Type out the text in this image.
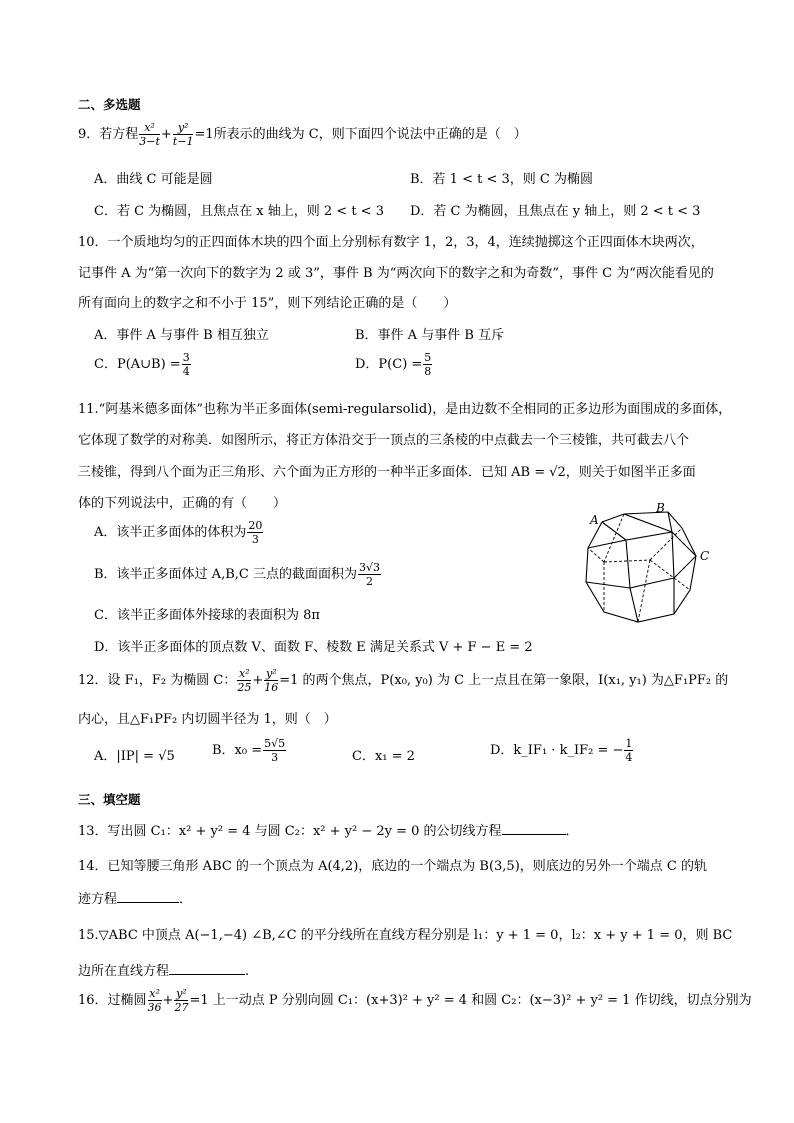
二、多选题
9．若方程 $\frac{\text{x²}}{3-t} + \frac{\text{y²}}{t-1} =1$所表示的曲线为 C，则下面四个说法中正确的是（　）
A．曲线 C 可能是圆	B．若 1 < t < 3，则 C 为椭圆
C．若 C 为椭圆，且焦点在 x 轴上，则 2 < t < 3 D．若 C 为椭圆，且焦点在 y 轴上，则 2 < t < 3
10．一个质地均匀的正四面体木块的四个面上分别标有数字 1，2，3，4，连续抛掷这个正四面体木块两次，
记事件 A 为“第一次向下的数字为 2 或 3”，事件 B 为“两次向下的数字之和为奇数”，事件 C 为“两次能看见的
所有面向上的数字之和不小于 15”，则下列结论正确的是（　　）
A．事件 A 与事件 B 相互独立	B．事件 A 与事件 B 互斥
C．P(A∪B) = $\frac{3}{4}$	D．$P(C) = \frac{5}{8}$
11.“阿基米德多面体”也称为半正多面体(semi-regularsolid)，是由边数不全相同的正多边形为面围成的多面体，
它体现了数学的对称美．如图所示，将正方体沿交于一顶点的三条棱的中点截去一个三棱锥，共可截去八个
三棱锥，得到八个面为正三角形、六个面为正方形的一种半正多面体．已知 AB = √2，则关于如图半正多面
体的下列说法中，正确的有（　　）
A．该半正多面体的体积为 $\frac{20}{3}$
B．该半正多面体过 A,B,C 三点的截面面积为 $\frac{3√3}{2}$
C．该半正多面体外接球的表面积为 8π
D．该半正多面体的顶点数 V、面数 F、棱数 E 满足关系式 V + F − E = 2
A
B
C
12．设 F₁，F₂ 为椭圆 C： $\frac{\text{x²}}{25} + \frac{\text{y²}}{16} =1$ 的两个焦点，P(x₀, y₀) 为 C 上一点且在第一象限，I(x₁, y₁) 为△F₁PF₂ 的
内心，且△F₁PF₂ 内切圆半径为 1，则（　）
A．|IP| = √5	B．$x_0 = \frac{5√5}{3}$	C．x₁ = 2	D．k_IF₁ · k_IF₂ = − $\frac{1}{4}$
三、填空题
13．写出圆 C₁：x² + y² = 4 与圆 C₂：x² + y² − 2y = 0 的公切线方程	．
14．已知等腰三角形 ABC 的一个顶点为 A(4,2)，底边的一个端点为 B(3,5)，则底边的另外一个端点 C 的轨
迹方程	．
15.▽ABC 中顶点 A(−1,−4) ∠B,∠C 的平分线所在直线方程分别是 l₁：y + 1 = 0，l₂：x + y + 1 = 0，则 BC
边所在直线方程	.
16．过椭圆 $\frac{\text{x²}}{36} + \frac{\text{y²}}{27} =1$ 上一动点 P 分别向圆 C₁：(x+3)² + y² = 4 和圆 C₂：(x−3)² + y² = 1 作切线，切点分别为
